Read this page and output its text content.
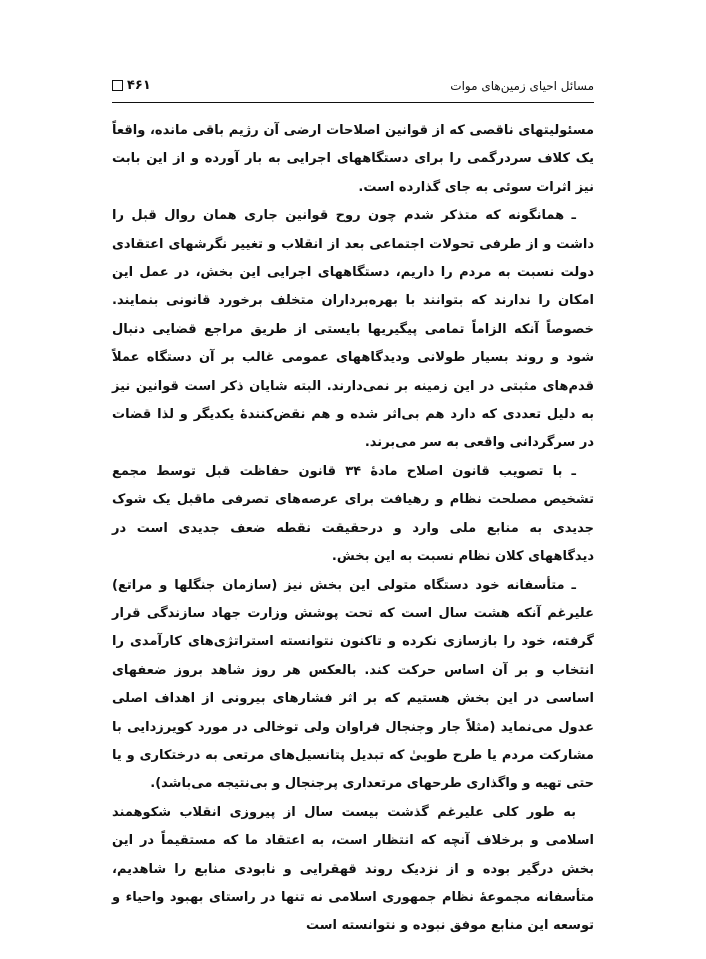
مسائل احیای زمین‌های موات
۴۶۱

مسئولیتهای ناقصی که از قوانین اصلاحات ارضی آن رژیم باقی مانده، واقعاً یک کلاف سردرگمی را برای دستگاههای اجرایی به بار آورده و از این بابت نیز اثرات سوئی به جای گذارده است.

ـ همانگونه که متذکر شدم چون روح قوانین جاری همان روال قبل را داشت و از طرفی تحولات اجتماعی بعد از انقلاب و تغییر نگرشهای اعتقادی دولت نسبت به مردم را داریم، دستگاههای اجرایی این بخش، در عمل این امکان را ندارند که بتوانند با بهره‌برداران متخلف برخورد قانونی بنمایند. خصوصاً آنکه الزاماً تمامی پیگیریها بایستی از طریق مراجع قضایی دنبال شود و روند بسیار طولانی ودیدگاههای عمومی غالب بر آن دستگاه عملاً قدم‌های مثبتی در این زمینه بر نمی‌دارند. البته شایان ذکر است قوانین نیز به دلیل تعددی که دارد هم بی‌اثر شده و هم نقض‌کنندهٔ یکدیگر و لذا قضات در سرگردانی واقعی به سر می‌برند.

ـ با تصویب قانون اصلاح مادهٔ ۳۴ قانون حفاظت قبل توسط مجمع تشخیص مصلحت نظام و رهیافت برای عرصه‌های تصرفی ماقبل یک شوک جدیدی به منابع ملی وارد و درحقیقت نقطه ضعف جدیدی است در دیدگاههای کلان نظام نسبت به این بخش.

ـ متأسفانه خود دستگاه متولی این بخش نیز (سازمان جنگلها و مراتع) علیرغم آنکه هشت سال است که تحت پوشش وزارت جهاد سازندگی قرار گرفته، خود را بازسازی نکرده و تاکنون نتوانسته استراتژی‌های کارآمدی را انتخاب و بر آن اساس حرکت کند. بالعکس هر روز شاهد بروز ضعفهای اساسی در این بخش هستیم که بر اثر فشارهای بیرونی از اهداف اصلی عدول می‌نماید (مثلاً جار وجنجال فراوان ولی توخالی در مورد کویرزدایی با مشارکت مردم یا طرح طوبیٰ که تبدیل پتانسیل‌های مرتعی به درختکاری و یا حتی تهیه و واگذاری طرحهای مرتعداری پرجنجال و بی‌نتیجه می‌باشد).

به طور کلی علیرغم گذشت بیست سال از پیروزی انقلاب شکوهمند اسلامی و برخلاف آنچه که انتظار است، به اعتقاد ما که مستقیماً در این بخش درگیر بوده و از نزدیک روند قهقرایی و نابودی منابع را شاهدیم، متأسفانه مجموعهٔ نظام جمهوری اسلامی نه تنها در راستای بهبود واحیاء و توسعه این منابع موفق نبوده و نتوانسته است
